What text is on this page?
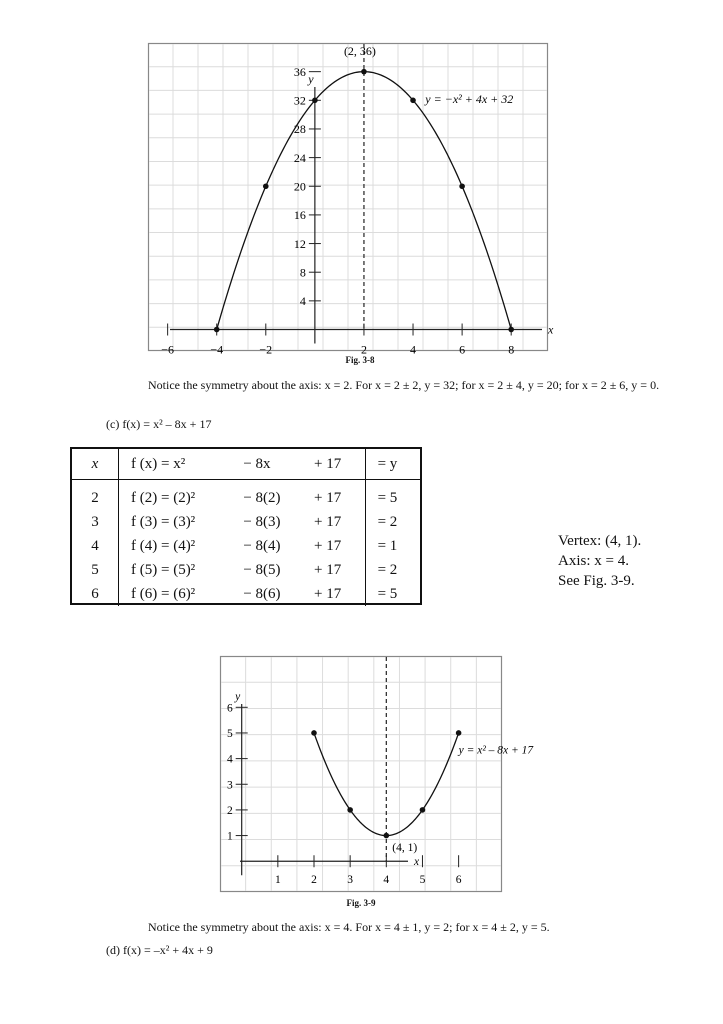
−6	−4	−2	2	4	6	8
4
8
12
16
20
24
28
32
36
y
x
(2, 36)
y = −x² + 4x + 32
Fig. 3-8
Notice the symmetry about the axis: x = 2. For x = 2 ± 2, y = 32; for x = 2 ± 4, y = 20; for x = 2 ± 6, y = 0.
(c) f(x) = x² – 8x + 17
x	f (x) = x²	− 8x	+ 17	= y
2	f (2) = (2)²	− 8(2)	+ 17	= 5
3	f (3) = (3)²	− 8(3)	+ 17	= 2
4	f (4) = (4)²	− 8(4)	+ 17	= 1
5	f (5) = (5)²	− 8(5)	+ 17	= 2
6	f (6) = (6)²	− 8(6)	+ 17	= 5
Vertex: (4, 1).
Axis: x = 4.
See Fig. 3-9.
1	2	3	4	5	6
1
2
3
4
5
6
y
x
(4, 1)
y = x² – 8x + 17
Fig. 3-9
Notice the symmetry about the axis: x = 4. For x = 4 ± 1, y = 2; for x = 4 ± 2, y = 5.
(d) f(x) = –x² + 4x + 9
